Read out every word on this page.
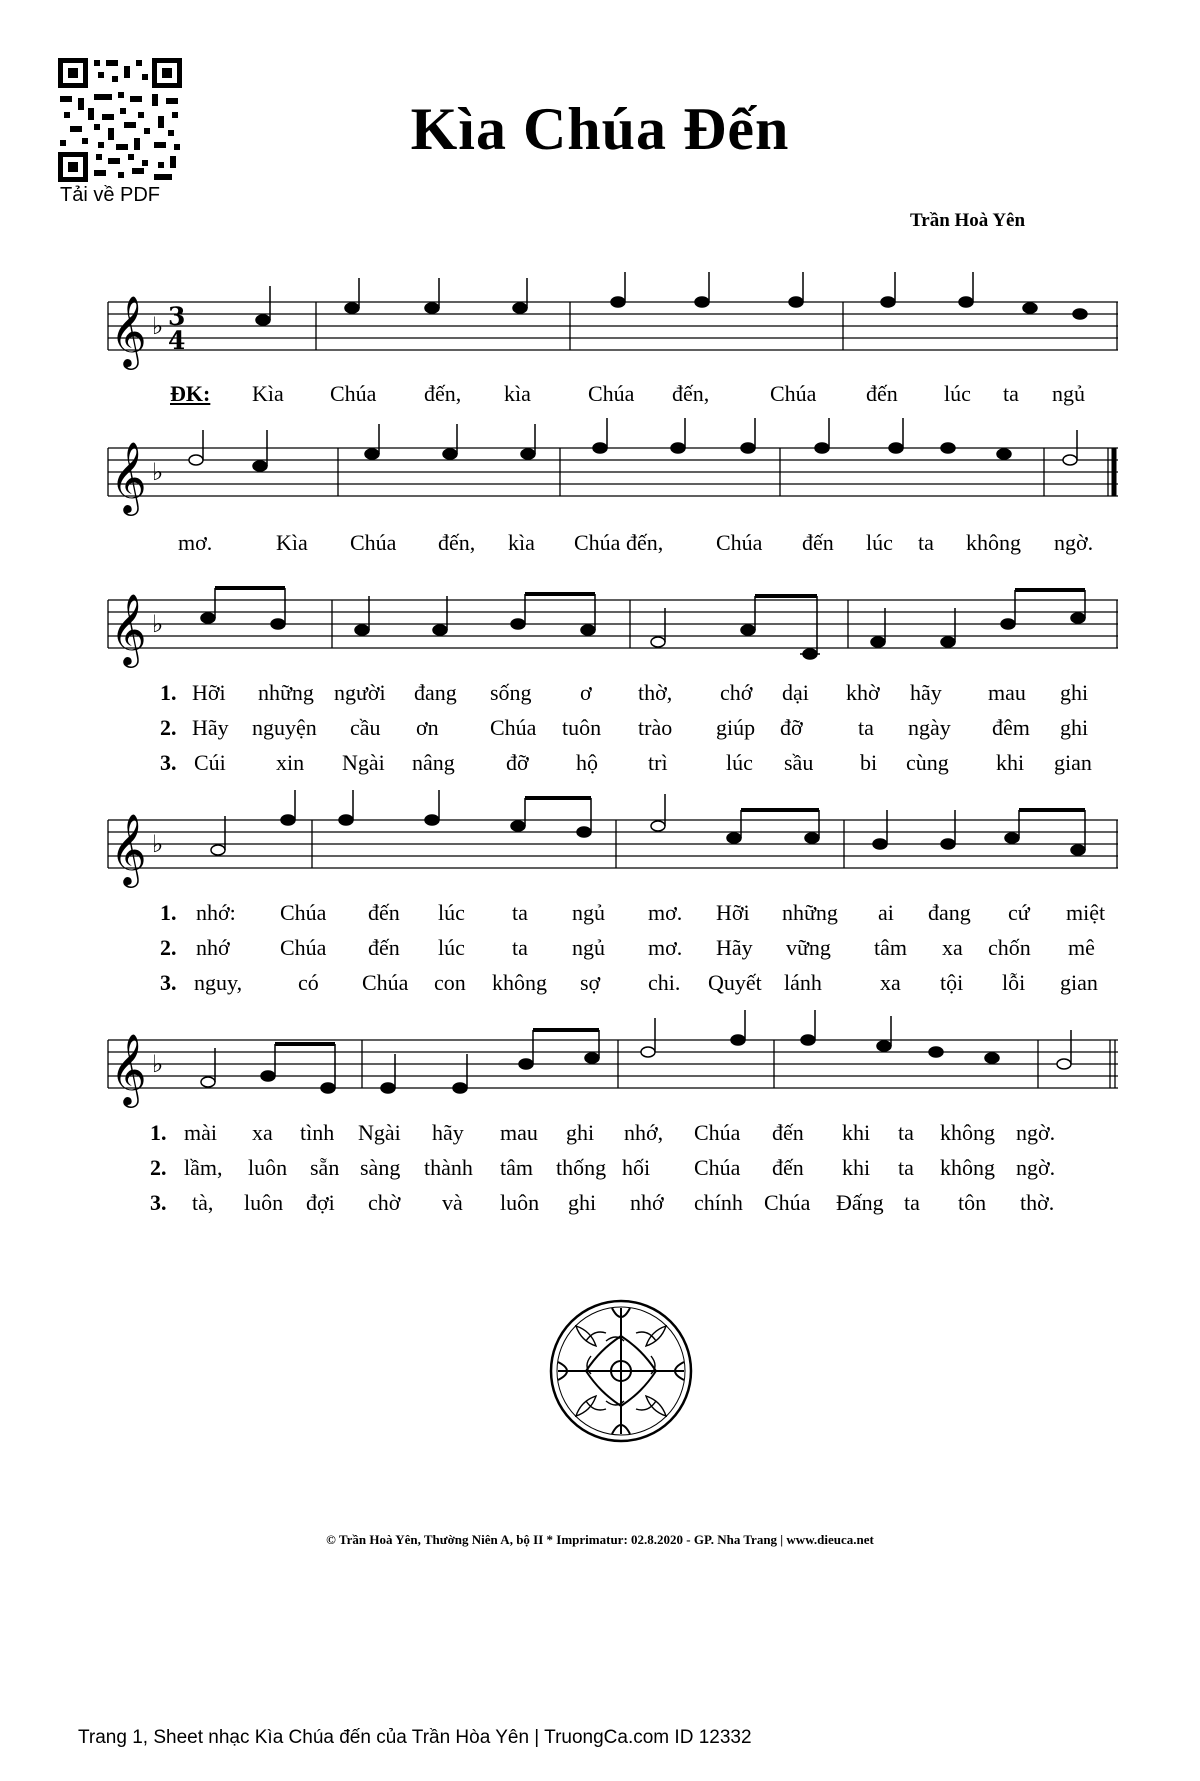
Tải về PDF
Kìa Chúa Đến
Trần Hoà Yên
𝄞 ♭ 3
4
ĐK: Kìa Chúa đến, kìa	Chúa đến,	Chúa đến lúc ta ngủ
𝄞 ♭
mơ.	Kìa Chúa đến, kìa Chúa đến, Chúa đến lúc ta không ngờ.
𝄞 ♭
1. Hỡi những người đang sống ơ thờ, chớ dại khờ hãy mau ghi
2. Hãy nguyện cầu ơn Chúa tuôn trào giúp đỡ	ta ngày đêm ghi
3. Cúi xin Ngài nâng đỡ hộ trì	lúc sầu bi cùng khi gian
𝄞 ♭
1. nhớ: Chúa đến lúc ta ngủ mơ. Hỡi những ai đang cứ miệt
2. nhớ Chúa đến lúc ta ngủ mơ. Hãy vững tâm xa chốn mê
3. nguy,	có Chúa con không sợ chi. Quyết lánh	xa tội lỗi gian
𝄞 ♭
1. mài xa tình Ngài hãy mau ghi nhớ, Chúa đến khi ta không ngờ.
2. lầm, luôn sẵn sàng thành tâm thống hối Chúa đến khi ta không ngờ.
3. tà, luôn đợi chờ và luôn ghi nhớ chính Chúa Đấng ta tôn thờ.
© Trần Hoà Yên, Thường Niên A, bộ II * Imprimatur: 02.8.2020 - GP. Nha Trang | www.dieuca.net
Trang 1, Sheet nhạc Kìa Chúa đến của Trần Hòa Yên | TruongCa.com ID 12332
